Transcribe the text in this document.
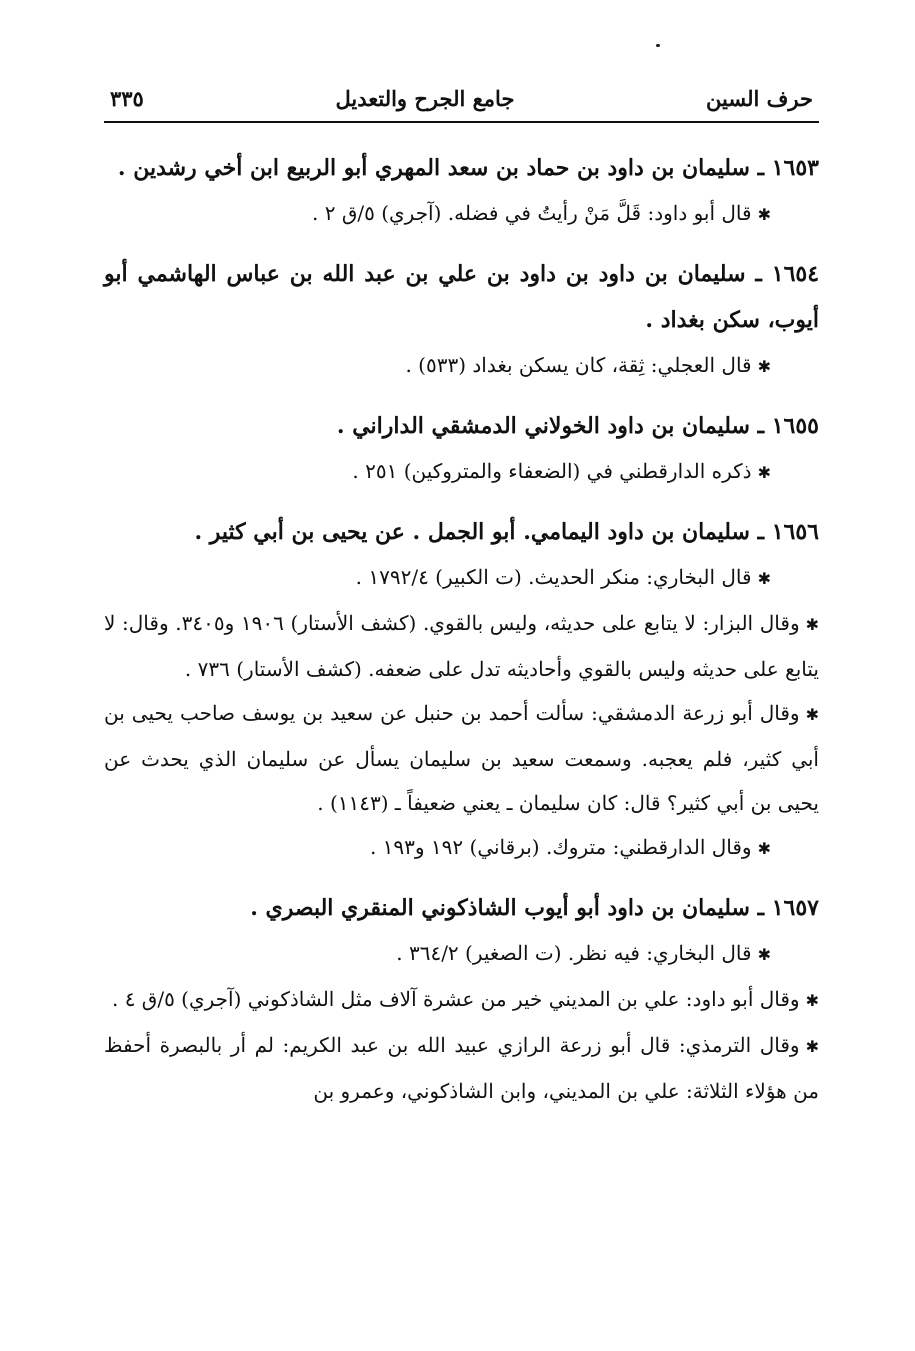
حرف السين
جامع الجرح والتعديل
٣٣٥

١٦٥٣ ـ سليمان بن داود بن حماد بن سعد المهري أبو الربيع ابن أخي رشدين .

✱قال أبو داود: قَلَّ مَنْ رأيتُ في فضله. (آجري) ٥/ق ٢ .

١٦٥٤ ـ سليمان بن داود بن داود بن علي بن عبد الله بن عباس الهاشمي أبو أيوب، سكن بغداد .

✱قال العجلي: ثِقة، كان يسكن بغداد (٥٣٣) .

١٦٥٥ ـ سليمان بن داود الخولاني الدمشقي الداراني .

✱ذكره الدارقطني في (الضعفاء والمتروكين) ٢٥١ .

١٦٥٦ ـ سليمان بن داود اليمامي. أبو الجمل . عن يحيى بن أبي كثير .

✱قال البخاري: منكر الحديث. (ت الكبير) ١٧٩٢/٤ .

✱وقال البزار: لا يتابع على حديثه، وليس بالقوي. (كشف الأستار) ١٩٠٦ و٣٤٠٥. وقال: لا يتابع على حديثه وليس بالقوي وأحاديثه تدل على ضعفه. (كشف الأستار) ٧٣٦ .

✱وقال أبو زرعة الدمشقي: سألت أحمد بن حنبل عن سعيد بن يوسف صاحب يحيى بن أبي كثير، فلم يعجبه. وسمعت سعيد بن سليمان يسأل عن سليمان الذي يحدث عن يحيى بن أبي كثير؟ قال: كان سليمان ـ يعني ضعيفاً ـ (١١٤٣) .

✱وقال الدارقطني: متروك. (برقاني) ١٩٢ و١٩٣ .

١٦٥٧ ـ سليمان بن داود أبو أيوب الشاذكوني المنقري البصري .

✱قال البخاري: فيه نظر. (ت الصغير) ٣٦٤/٢ .

✱وقال أبو داود: علي بن المديني خير من عشرة آلاف مثل الشاذكوني (آجري) ٥/ق ٤ .

✱وقال الترمذي: قال أبو زرعة الرازي عبيد الله بن عبد الكريم: لم أر بالبصرة أحفظ من هؤلاء الثلاثة: علي بن المديني، وابن الشاذكوني، وعمرو بن
